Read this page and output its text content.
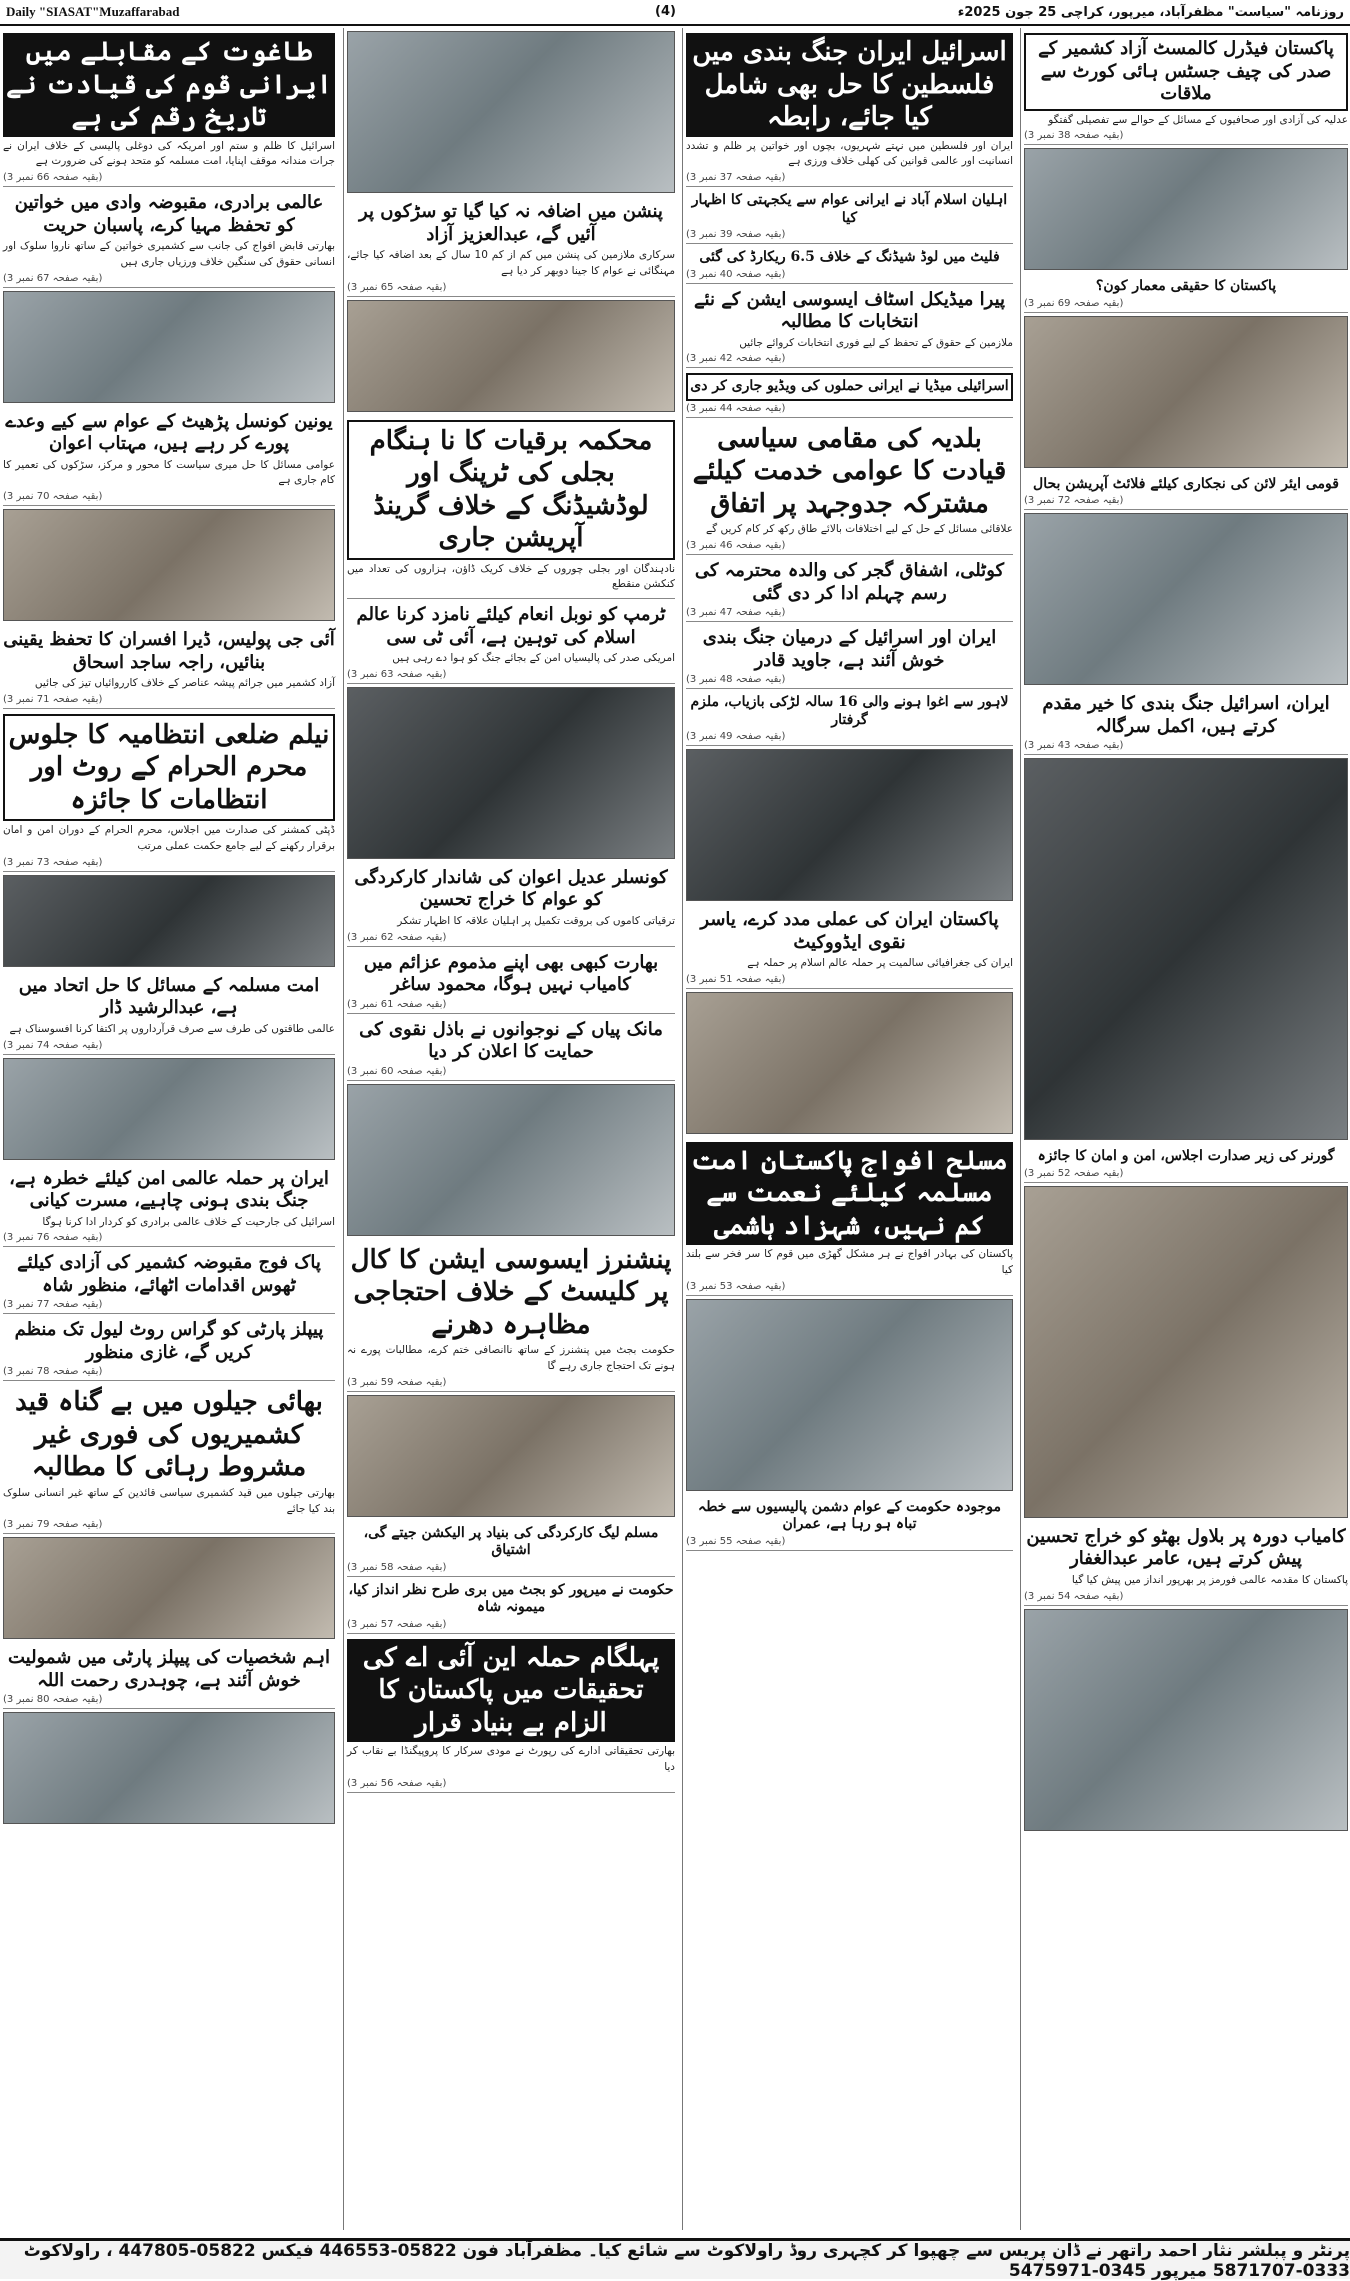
Daily "SIASAT"Muzaffarabad	روزنامہ "سیاست" مظفرآباد، میرپور، کراچی 25 جون 2025ء
(4)
پاکستان فیڈرل کالمسٹ آزاد کشمیر کے صدر کی چیف جسٹس ہائی کورٹ سے ملاقات
عدلیہ کی آزادی اور صحافیوں کے مسائل کے حوالے سے تفصیلی گفتگو
(بقیہ صفحہ 38 نمبر 3)
پاکستان کا حقیقی معمار کون؟
(بقیہ صفحہ 69 نمبر 3)
قومی ایئر لائن کی نجکاری کیلئے فلائٹ آپریشن بحال
(بقیہ صفحہ 72 نمبر 3)
ایران، اسرائیل جنگ بندی کا خیر مقدم کرتے ہیں، اکمل سرگالہ
(بقیہ صفحہ 43 نمبر 3)
گورنر کی زیر صدارت اجلاس، امن و امان کا جائزہ
(بقیہ صفحہ 52 نمبر 3)
کامیاب دورہ پر بلاول بھٹو کو خراج تحسین پیش کرتے ہیں، عامر عبدالغفار
پاکستان کا مقدمہ عالمی فورمز پر بھرپور انداز میں پیش کیا گیا
(بقیہ صفحہ 54 نمبر 3)
اسرائیل ایران جنگ بندی میں فلسطین کا حل بھی شامل کیا جائے، رابطہ
ایران اور فلسطین میں نہتے شہریوں، بچوں اور خواتین پر ظلم و تشدد انسانیت اور عالمی قوانین کی کھلی خلاف ورزی ہے
(بقیہ صفحہ 37 نمبر 3)
اہلیان اسلام آباد نے ایرانی عوام سے یکجہتی کا اظہار کیا
(بقیہ صفحہ 39 نمبر 3)
فلیٹ میں لوڈ شیڈنگ کے خلاف 6.5 ریکارڈ کی گئی
(بقیہ صفحہ 40 نمبر 3)
پیرا میڈیکل اسٹاف ایسوسی ایشن کے نئے انتخابات کا مطالبہ
ملازمین کے حقوق کے تحفظ کے لیے فوری انتخابات کروائے جائیں
(بقیہ صفحہ 42 نمبر 3)
اسرائیلی میڈیا نے ایرانی حملوں کی ویڈیو جاری کر دی
(بقیہ صفحہ 44 نمبر 3)
بلدیہ کی مقامی سیاسی قیادت کا عوامی خدمت کیلئے مشترکہ جدوجہد پر اتفاق
علاقائی مسائل کے حل کے لیے اختلافات بالائے طاق رکھ کر کام کریں گے
(بقیہ صفحہ 46 نمبر 3)
کوٹلی، اشفاق گجر کی والدہ محترمہ کی رسم چہلم ادا کر دی گئی
(بقیہ صفحہ 47 نمبر 3)
ایران اور اسرائیل کے درمیان جنگ بندی خوش آئند ہے، جاوید قادر
(بقیہ صفحہ 48 نمبر 3)
لاہور سے اغوا ہونے والی 16 سالہ لڑکی بازیاب، ملزم گرفتار
(بقیہ صفحہ 49 نمبر 3)
پاکستان ایران کی عملی مدد کرے، یاسر نقوی ایڈووکیٹ
ایران کی جغرافیائی سالمیت پر حملہ عالم اسلام پر حملہ ہے
(بقیہ صفحہ 51 نمبر 3)
مسلح افواج پاکستان امت مسلمہ کیلئے نعمت سے کم نہیں، شہزاد ہاشمی
پاکستان کی بہادر افواج نے ہر مشکل گھڑی میں قوم کا سر فخر سے بلند کیا
(بقیہ صفحہ 53 نمبر 3)
موجودہ حکومت کے عوام دشمن پالیسیوں سے خطہ تباہ ہو رہا ہے، عمران
(بقیہ صفحہ 55 نمبر 3)
پنشن میں اضافہ نہ کیا گیا تو سڑکوں پر آئیں گے، عبدالعزیز آزاد
سرکاری ملازمین کی پنشن میں کم از کم 10 سال کے بعد اضافہ کیا جائے، مہنگائی نے عوام کا جینا دوبھر کر دیا ہے
(بقیہ صفحہ 65 نمبر 3)
محکمہ برقیات کا نا ہنگام بجلی کی ٹرپنگ اور لوڈشیڈنگ کے خلاف گرینڈ آپریشن جاری
نادہندگان اور بجلی چوروں کے خلاف کریک ڈاؤن، ہزاروں کی تعداد میں کنکشن منقطع
ٹرمپ کو نوبل انعام کیلئے نامزد کرنا عالم اسلام کی توہین ہے، آئی ٹی سی
امریکی صدر کی پالیسیاں امن کے بجائے جنگ کو ہوا دے رہی ہیں
(بقیہ صفحہ 63 نمبر 3)
کونسلر عدیل اعوان کی شاندار کارکردگی کو عوام کا خراج تحسین
ترقیاتی کاموں کی بروقت تکمیل پر اہلیان علاقہ کا اظہار تشکر
(بقیہ صفحہ 62 نمبر 3)
بھارت کبھی بھی اپنے مذموم عزائم میں کامیاب نہیں ہوگا، محمود ساغر
(بقیہ صفحہ 61 نمبر 3)
مانک پیاں کے نوجوانوں نے باذل نقوی کی حمایت کا اعلان کر دیا
(بقیہ صفحہ 60 نمبر 3)
پنشنرز ایسوسی ایشن کا کال پر کلیسٹ کے خلاف احتجاجی مظاہرہ دھرنے
حکومت بجٹ میں پنشنرز کے ساتھ ناانصافی ختم کرے، مطالبات پورے نہ ہونے تک احتجاج جاری رہے گا
(بقیہ صفحہ 59 نمبر 3)
مسلم لیگ کارکردگی کی بنیاد پر الیکشن جیتے گی، اشتیاق
(بقیہ صفحہ 58 نمبر 3)
حکومت نے میرپور کو بجٹ میں بری طرح نظر انداز کیا، میمونہ شاہ
(بقیہ صفحہ 57 نمبر 3)
پہلگام حملہ این آئی اے کی تحقیقات میں پاکستان کا الزام بے بنیاد قرار
بھارتی تحقیقاتی ادارے کی رپورٹ نے مودی سرکار کا پروپیگنڈا بے نقاب کر دیا
(بقیہ صفحہ 56 نمبر 3)
طاغوت کے مقابلے میں ایرانی قوم کی قیادت نے تاریخ رقم کی ہے
اسرائیل کا ظلم و ستم اور امریکہ کی دوغلی پالیسی کے خلاف ایران نے جرات مندانہ موقف اپنایا، امت مسلمہ کو متحد ہونے کی ضرورت ہے
(بقیہ صفحہ 66 نمبر 3)
عالمی برادری، مقبوضہ وادی میں خواتین کو تحفظ مہیا کرے، پاسبان حریت
بھارتی قابض افواج کی جانب سے کشمیری خواتین کے ساتھ ناروا سلوک اور انسانی حقوق کی سنگین خلاف ورزیاں جاری ہیں
(بقیہ صفحہ 67 نمبر 3)
یونین کونسل پڑھیٹ کے عوام سے کیے وعدے پورے کر رہے ہیں، مہتاب اعوان
عوامی مسائل کا حل میری سیاست کا محور و مرکز، سڑکوں کی تعمیر کا کام جاری ہے
(بقیہ صفحہ 70 نمبر 3)
آئی جی پولیس، ڈیرا افسران کا تحفظ یقینی بنائیں، راجہ ساجد اسحاق
آزاد کشمیر میں جرائم پیشہ عناصر کے خلاف کارروائیاں تیز کی جائیں
(بقیہ صفحہ 71 نمبر 3)
نیلم ضلعی انتظامیہ کا جلوس محرم الحرام کے روٹ اور انتظامات کا جائزہ
ڈپٹی کمشنر کی صدارت میں اجلاس، محرم الحرام کے دوران امن و امان برقرار رکھنے کے لیے جامع حکمت عملی مرتب
(بقیہ صفحہ 73 نمبر 3)
امت مسلمہ کے مسائل کا حل اتحاد میں ہے، عبدالرشید ڈار
عالمی طاقتوں کی طرف سے صرف قرآرداروں پر اکتفا کرنا افسوسناک ہے
(بقیہ صفحہ 74 نمبر 3)
ایران پر حملہ عالمی امن کیلئے خطرہ ہے، جنگ بندی ہونی چاہیے، مسرت کیانی
اسرائیل کی جارحیت کے خلاف عالمی برادری کو کردار ادا کرنا ہوگا
(بقیہ صفحہ 76 نمبر 3)
پاک فوج مقبوضہ کشمیر کی آزادی کیلئے ٹھوس اقدامات اٹھائے، منظور شاہ
(بقیہ صفحہ 77 نمبر 3)
پیپلز پارٹی کو گراس روٹ لیول تک منظم کریں گے، غازی منظور
(بقیہ صفحہ 78 نمبر 3)
بھائی جیلوں میں بے گناہ قید کشمیریوں کی فوری غیر مشروط رہائی کا مطالبہ
بھارتی جیلوں میں قید کشمیری سیاسی قائدین کے ساتھ غیر انسانی سلوک بند کیا جائے
(بقیہ صفحہ 79 نمبر 3)
اہم شخصیات کی پیپلز پارٹی میں شمولیت خوش آئند ہے، چوہدری رحمت اللہ
(بقیہ صفحہ 80 نمبر 3)
پرنٹر و پبلشر نثار احمد راتھر نے ڈان پریس سے چھپوا کر کچہری روڈ راولاکوٹ سے شائع کیا۔ مظفرآباد فون 05822-446553 فیکس 05822-447805 ، راولاکوٹ 0333-5871707 میرپور 0345-5475971
